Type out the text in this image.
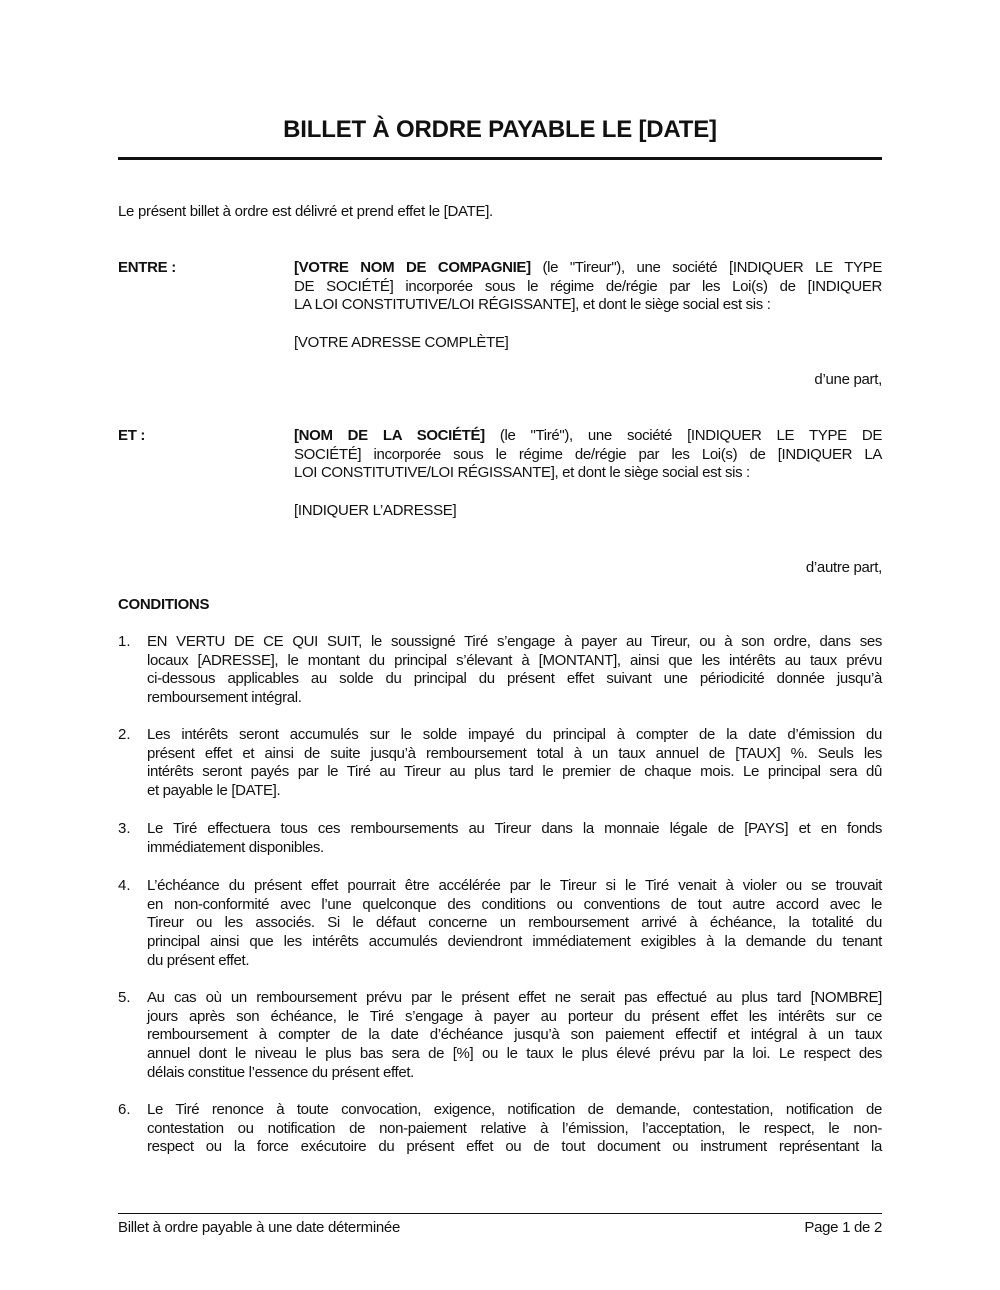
BILLET À ORDRE PAYABLE LE [DATE]
Le présent billet à ordre est délivré et prend effet le [DATE].
ENTRE :	[VOTRE NOM DE COMPAGNIE] (le "Tireur"), une société [INDIQUER LE TYPE
DE SOCIÉTÉ] incorporée sous le régime de/régie par les Loi(s) de [INDIQUER
LA LOI CONSTITUTIVE/LOI RÉGISSANTE], et dont le siège social est sis :
[VOTRE ADRESSE COMPLÈTE]
d’une part,
ET :	[NOM DE LA SOCIÉTÉ] (le "Tiré"), une société [INDIQUER LE TYPE DE
SOCIÉTÉ] incorporée sous le régime de/régie par les Loi(s) de [INDIQUER LA
LOI CONSTITUTIVE/LOI RÉGISSANTE], et dont le siège social est sis :
[INDIQUER L’ADRESSE]
d’autre part,
CONDITIONS
1. EN VERTU DE CE QUI SUIT, le soussigné Tiré s’engage à payer au Tireur, ou à son ordre, dans ses
locaux [ADRESSE], le montant du principal s’élevant à [MONTANT], ainsi que les intérêts au taux prévu
ci-dessous applicables au solde du principal du présent effet suivant une périodicité donnée jusqu’à
remboursement intégral.
2. Les intérêts seront accumulés sur le solde impayé du principal à compter de la date d’émission du
présent effet et ainsi de suite jusqu’à remboursement total à un taux annuel de [TAUX] %. Seuls les
intérêts seront payés par le Tiré au Tireur au plus tard le premier de chaque mois. Le principal sera dû
et payable le [DATE].
3. Le Tiré effectuera tous ces remboursements au Tireur dans la monnaie légale de [PAYS] et en fonds
immédiatement disponibles.
4. L’échéance du présent effet pourrait être accélérée par le Tireur si le Tiré venait à violer ou se trouvait
en non-conformité avec l’une quelconque des conditions ou conventions de tout autre accord avec le
Tireur ou les associés. Si le défaut concerne un remboursement arrivé à échéance, la totalité du
principal ainsi que les intérêts accumulés deviendront immédiatement exigibles à la demande du tenant
du présent effet.
5. Au cas où un remboursement prévu par le présent effet ne serait pas effectué au plus tard [NOMBRE]
jours après son échéance, le Tiré s’engage à payer au porteur du présent effet les intérêts sur ce
remboursement à compter de la date d’échéance jusqu’à son paiement effectif et intégral à un taux
annuel dont le niveau le plus bas sera de [%] ou le taux le plus élevé prévu par la loi. Le respect des
délais constitue l’essence du présent effet.
6. Le Tiré renonce à toute convocation, exigence, notification de demande, contestation, notification de
contestation ou notification de non-paiement relative à l’émission, l’acceptation, le respect, le non-
respect ou la force exécutoire du présent effet ou de tout document ou instrument représentant la
Billet à ordre payable à une date déterminée	Page 1 de 2
